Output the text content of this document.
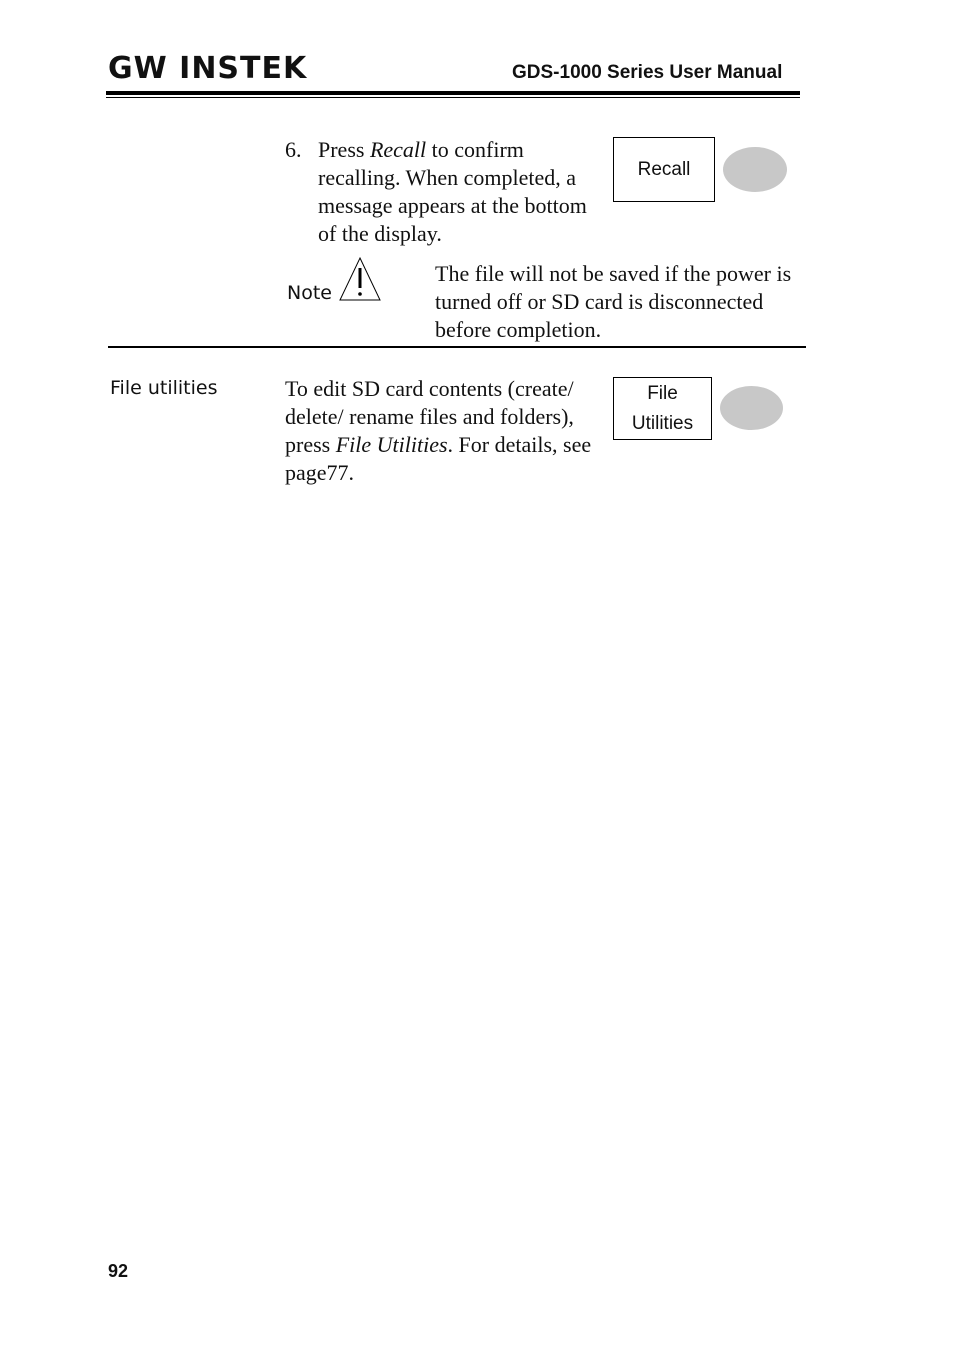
GW INSTEK	GDS-1000 Series User Manual
6. Press Recall to confirm recalling. When completed, a message appears at the bottom of the display.
Recall
Note
The file will not be saved if the power is turned off or SD card is disconnected before completion.
File utilities	To edit SD card contents (create/ delete/ rename files and folders), press File Utilities. For details, see page77.
File
Utilities
92
